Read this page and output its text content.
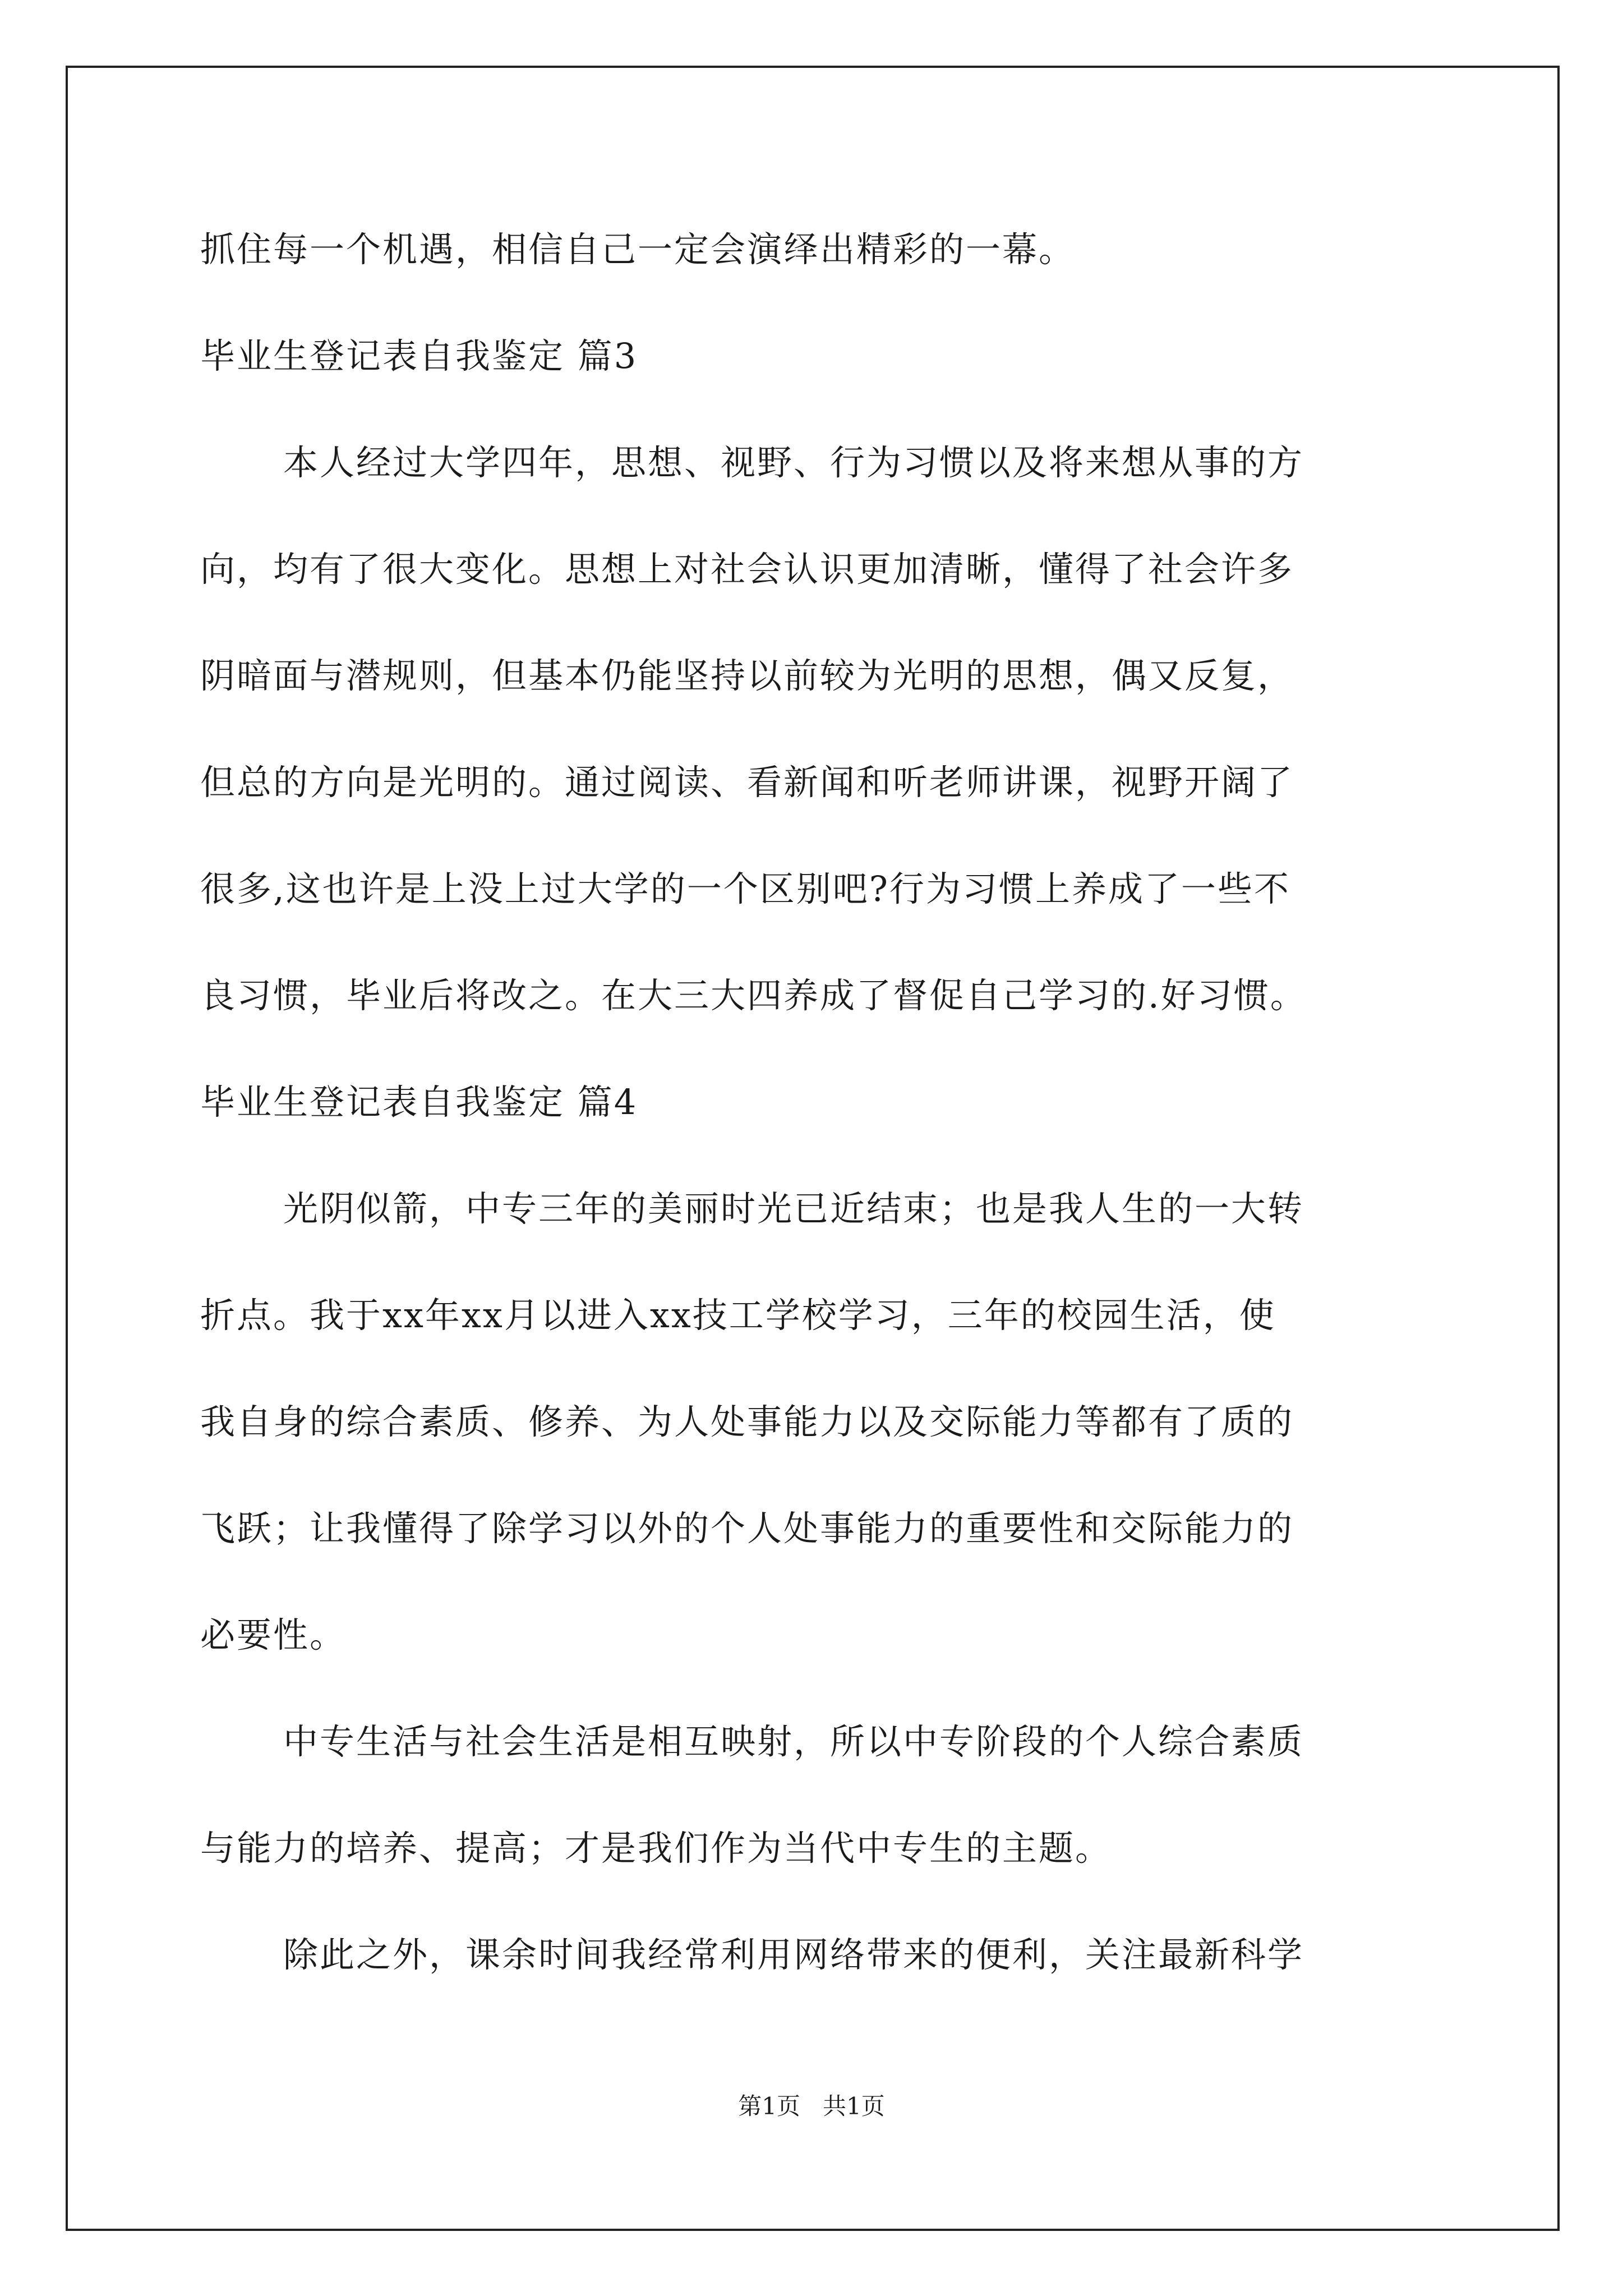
抓住每一个机遇，相信自己一定会演绎出精彩的一幕。
毕业生登记表自我鉴定 篇3
本人经过大学四年，思想、视野、行为习惯以及将来想从事的方
向，均有了很大变化。思想上对社会认识更加清晰，懂得了社会许多
阴暗面与潜规则，但基本仍能坚持以前较为光明的思想，偶又反复，
但总的方向是光明的。通过阅读、看新闻和听老师讲课，视野开阔了
很多,这也许是上没上过大学的一个区别吧?行为习惯上养成了一些不
良习惯，毕业后将改之。在大三大四养成了督促自己学习的.好习惯。
毕业生登记表自我鉴定 篇4
光阴似箭，中专三年的美丽时光已近结束；也是我人生的一大转
折点。我于xx年xx月以进入xx技工学校学习，三年的校园生活，使
我自身的综合素质、修养、为人处事能力以及交际能力等都有了质的
飞跃；让我懂得了除学习以外的个人处事能力的重要性和交际能力的
必要性。
中专生活与社会生活是相互映射，所以中专阶段的个人综合素质
与能力的培养、提高；才是我们作为当代中专生的主题。
除此之外，课余时间我经常利用网络带来的便利，关注最新科学
第1页   共1页
